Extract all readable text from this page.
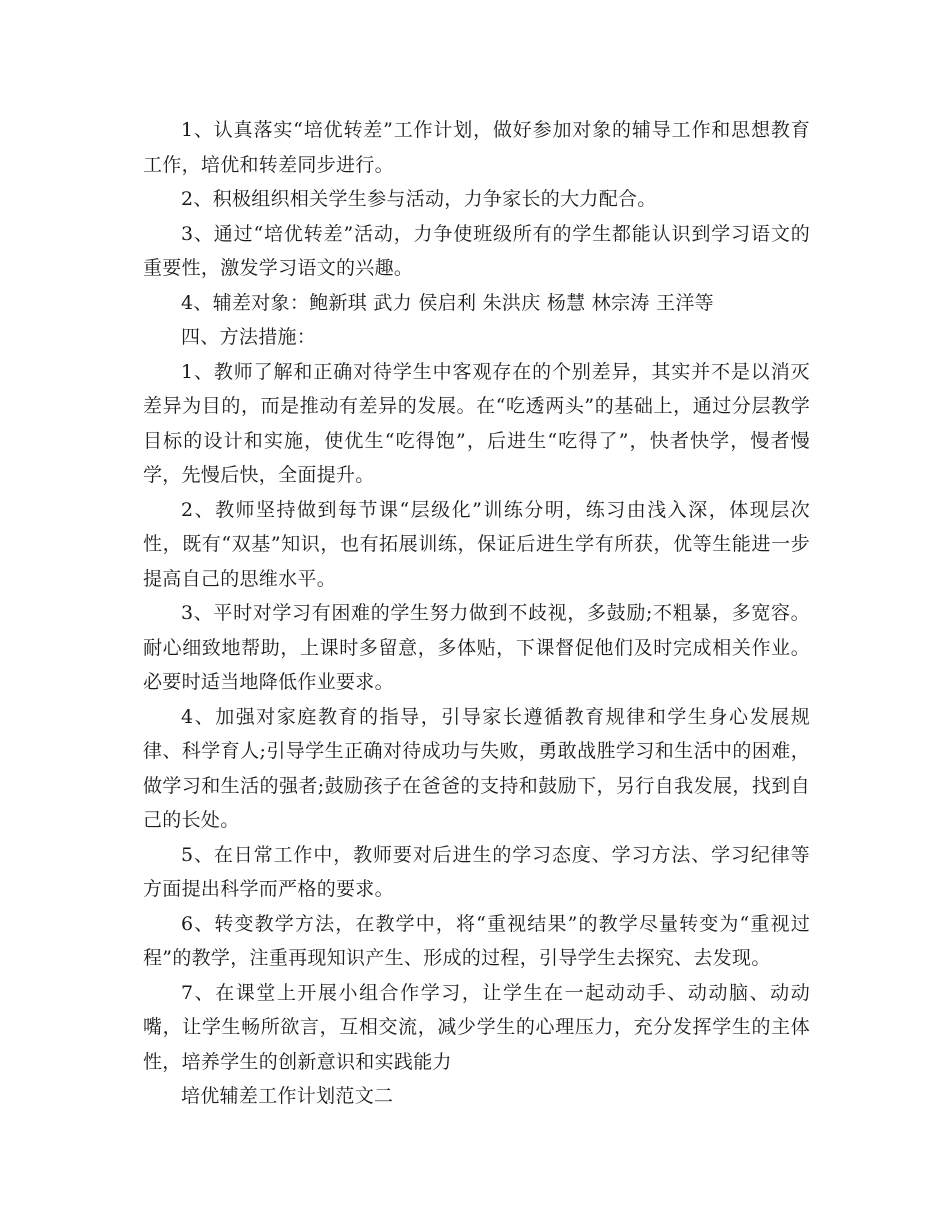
1、认真落实“培优转差”工作计划，做好参加对象的辅导工作和思想教育工作，培优和转差同步进行。

2、积极组织相关学生参与活动，力争家长的大力配合。

3、通过“培优转差”活动，力争使班级所有的学生都能认识到学习语文的重要性，激发学习语文的兴趣。

4、辅差对象：鲍新琪 武力 侯启利 朱洪庆 杨慧 林宗涛 王洋等

四、方法措施：

1、教师了解和正确对待学生中客观存在的个别差异，其实并不是以消灭差异为目的，而是推动有差异的发展。在“吃透两头”的基础上，通过分层教学目标的设计和实施，使优生“吃得饱”，后进生“吃得了”，快者快学，慢者慢学，先慢后快，全面提升。

2、教师坚持做到每节课“层级化”训练分明，练习由浅入深，体现层次性，既有“双基”知识，也有拓展训练，保证后进生学有所获，优等生能进一步提高自己的思维水平。

3、平时对学习有困难的学生努力做到不歧视，多鼓励;不粗暴，多宽容。耐心细致地帮助，上课时多留意，多体贴，下课督促他们及时完成相关作业。必要时适当地降低作业要求。

4、加强对家庭教育的指导，引导家长遵循教育规律和学生身心发展规律、科学育人;引导学生正确对待成功与失败，勇敢战胜学习和生活中的困难，做学习和生活的强者;鼓励孩子在爸爸的支持和鼓励下，另行自我发展，找到自己的长处。

5、在日常工作中，教师要对后进生的学习态度、学习方法、学习纪律等方面提出科学而严格的要求。

6、转变教学方法，在教学中，将“重视结果”的教学尽量转变为“重视过程”的教学，注重再现知识产生、形成的过程，引导学生去探究、去发现。

7、在课堂上开展小组合作学习，让学生在一起动动手、动动脑、动动嘴，让学生畅所欲言，互相交流，减少学生的心理压力，充分发挥学生的主体性，培养学生的创新意识和实践能力

培优辅差工作计划范文二
